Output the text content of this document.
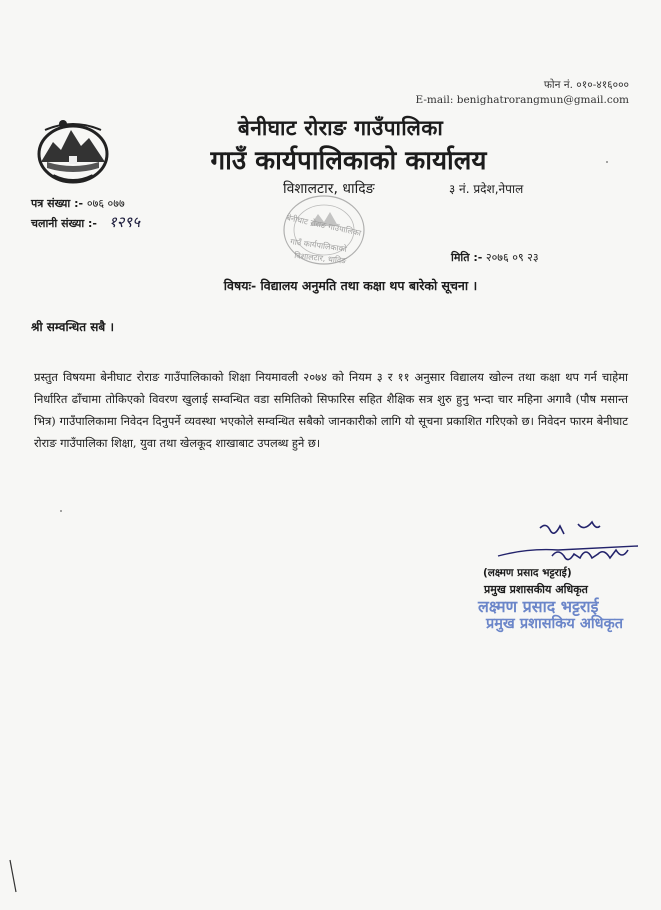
फोन नं. ०१०-४१६०००
E-mail: benighatrorangmun@gmail.com
बेनीघाट रोराङ गाउँपालिका
गाउँ कार्यपालिकाको कार्यालय
विशालटार, धादिङ	३ नं. प्रदेश,नेपाल
पत्र संख्या :- ०७६ ०७७
चलानी संख्या :- १२९५	बेनीघाट रोराङ गाउँपालिका
गाउँ कार्यपालिकाको
विशालटार, धादिङ	मिति :- २०७६ ०९ २३
विषयः- विद्यालय अनुमति तथा कक्षा थप बारेको सूचना ।
श्री सम्वन्धित सबै ।
प्रस्तुत विषयमा बेनीघाट रोराङ गाउँपालिकाको शिक्षा नियमावली २०७४ को नियम ३ र ११ अनुसार विद्यालय खोल्न तथा कक्षा थप गर्न चाहेमा निर्धारित ढाँचामा तोकिएको विवरण खुलाई सम्वन्धित वडा समितिको सिफारिस सहित शैक्षिक सत्र शुरु हुनु भन्दा चार महिना अगावै (पौष मसान्त भित्र) गाउँपालिकामा निवेदन दिनुपर्ने व्यवस्था भएकोले सम्वन्धित सबैको जानकारीको लागि यो सूचना प्रकाशित गरिएको छ। निवेदन फारम बेनीघाट रोराङ गाउँपालिका शिक्षा, युवा तथा खेलकूद शाखाबाट उपलब्ध हुने छ।
(लक्ष्मण प्रसाद भट्टराई)
प्रमुख प्रशासकीय अधिकृत
लक्ष्मण प्रसाद भट्टराई
प्रमुख प्रशासकिय अधिकृत
